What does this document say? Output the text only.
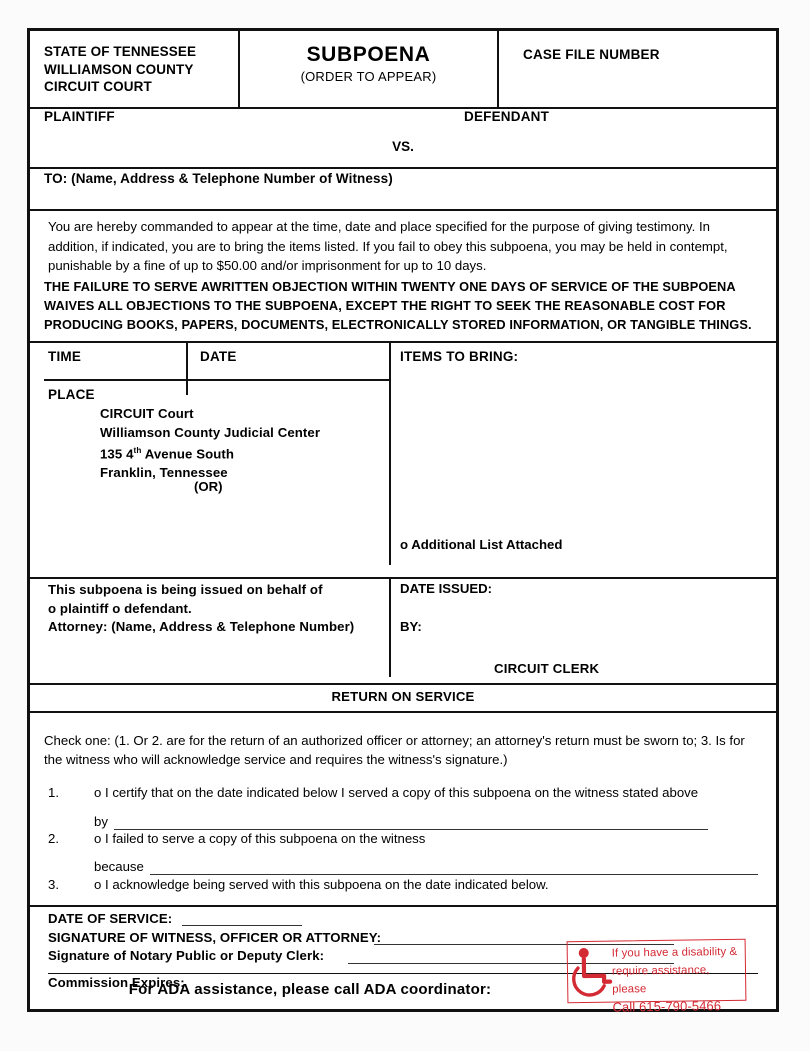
STATE OF TENNESSEE
WILLIAMSON COUNTY
CIRCUIT COURT
SUBPOENA
(ORDER TO APPEAR)
CASE FILE NUMBER
PLAINTIFF	DEFENDANT
VS.
TO: (Name, Address & Telephone Number of Witness)
You are hereby commanded to appear at the time, date and place specified for the purpose of giving testimony. In addition, if indicated, you are to bring the items listed. If you fail to obey this subpoena, you may be held in contempt, punishable by a fine of up to $50.00 and/or imprisonment for up to 10 days.
THE FAILURE TO SERVE AWRITTEN OBJECTION WITHIN TWENTY ONE DAYS OF SERVICE OF THE SUBPOENA WAIVES ALL OBJECTIONS TO THE SUBPOENA, EXCEPT THE RIGHT TO SEEK THE REASONABLE COST FOR PRODUCING BOOKS, PAPERS, DOCUMENTS, ELECTRONICALLY STORED INFORMATION, OR TANGIBLE THINGS.
TIME	DATE
PLACE
ITEMS TO BRING:
CIRCUIT Court
Williamson County Judicial Center
135 4th Avenue South
Franklin, Tennessee
(OR)
o Additional List Attached
This subpoena is being issued on behalf of
o plaintiff o defendant.
Attorney: (Name, Address & Telephone Number)
DATE ISSUED:
BY:
CIRCUIT CLERK
RETURN ON SERVICE
Check one: (1. Or 2. are for the return of an authorized officer or attorney; an attorney's return must be sworn to; 3. Is for the witness who will acknowledge service and requires the witness's signature.)
1.	o I certify that on the date indicated below I served a copy of this subpoena on the witness stated above
by
2.	o I failed to serve a copy of this subpoena on the witness
because
3.	o I acknowledge being served with this subpoena on the date indicated below.
DATE OF SERVICE:
SIGNATURE OF WITNESS, OFFICER OR ATTORNEY:
Signature of Notary Public or Deputy Clerk:
Commission Expires:
For ADA assistance, please call ADA coordinator:
If you have a disability &
require assistance, please
Call 615-790-5466
